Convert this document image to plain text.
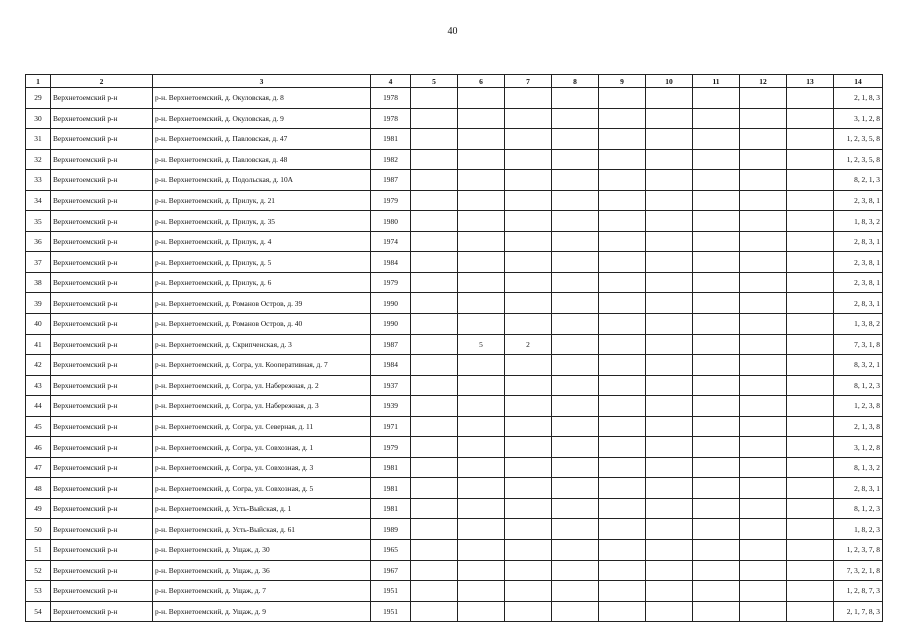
40
1	2	3	4	5	6	7	8	9	10	11	12	13	14
29	Верхнетоемский р-н	р-н. Верхнетоемский, д. Окуловская, д. 8	1978										2, 1, 8, 3
30	Верхнетоемский р-н	р-н. Верхнетоемский, д. Окуловская, д. 9	1978										3, 1, 2, 8
31	Верхнетоемский р-н	р-н. Верхнетоемский, д. Павловская, д. 47	1981										1, 2, 3, 5, 8
32	Верхнетоемский р-н	р-н. Верхнетоемский, д. Павловская, д. 48	1982										1, 2, 3, 5, 8
33	Верхнетоемский р-н	р-н. Верхнетоемский, д. Подольская, д. 10А	1987										8, 2, 1, 3
34	Верхнетоемский р-н	р-н. Верхнетоемский, д. Прилук, д. 21	1979										2, 3, 8, 1
35	Верхнетоемский р-н	р-н. Верхнетоемский, д. Прилук, д. 35	1980										1, 8, 3, 2
36	Верхнетоемский р-н	р-н. Верхнетоемский, д. Прилук, д. 4	1974										2, 8, 3, 1
37	Верхнетоемский р-н	р-н. Верхнетоемский, д. Прилук, д. 5	1984										2, 3, 8, 1
38	Верхнетоемский р-н	р-н. Верхнетоемский, д. Прилук, д. 6	1979										2, 3, 8, 1
39	Верхнетоемский р-н	р-н. Верхнетоемский, д. Романов Остров, д. 39	1990										2, 8, 3, 1
40	Верхнетоемский р-н	р-н. Верхнетоемский, д. Романов Остров, д. 40	1990										1, 3, 8, 2
41	Верхнетоемский р-н	р-н. Верхнетоемский, д. Скрипченская, д. 3	1987		5	2							7, 3, 1, 8
42	Верхнетоемский р-н	р-н. Верхнетоемский, д. Согра, ул. Кооперативная, д. 7	1984										8, 3, 2, 1
43	Верхнетоемский р-н	р-н. Верхнетоемский, д. Согра, ул. Набережная, д. 2	1937										8, 1, 2, 3
44	Верхнетоемский р-н	р-н. Верхнетоемский, д. Согра, ул. Набережная, д. 3	1939										1, 2, 3, 8
45	Верхнетоемский р-н	р-н. Верхнетоемский, д. Согра, ул. Северная, д. 11	1971										2, 1, 3, 8
46	Верхнетоемский р-н	р-н. Верхнетоемский, д. Согра, ул. Совхозная, д. 1	1979										3, 1, 2, 8
47	Верхнетоемский р-н	р-н. Верхнетоемский, д. Согра, ул. Совхозная, д. 3	1981										8, 1, 3, 2
48	Верхнетоемский р-н	р-н. Верхнетоемский, д. Согра, ул. Совхозная, д. 5	1981										2, 8, 3, 1
49	Верхнетоемский р-н	р-н. Верхнетоемский, д. Усть-Выйская, д. 1	1981										8, 1, 2, 3
50	Верхнетоемский р-н	р-н. Верхнетоемский, д. Усть-Выйская, д. 61	1989										1, 8, 2, 3
51	Верхнетоемский р-н	р-н. Верхнетоемский, д. Ущаж, д. 30	1965										1, 2, 3, 7, 8
52	Верхнетоемский р-н	р-н. Верхнетоемский, д. Ущаж, д. 36	1967										7, 3, 2, 1, 8
53	Верхнетоемский р-н	р-н. Верхнетоемский, д. Ущаж, д. 7	1951										1, 2, 8, 7, 3
54	Верхнетоемский р-н	р-н. Верхнетоемский, д. Ущаж, д. 9	1951										2, 1, 7, 8, 3
